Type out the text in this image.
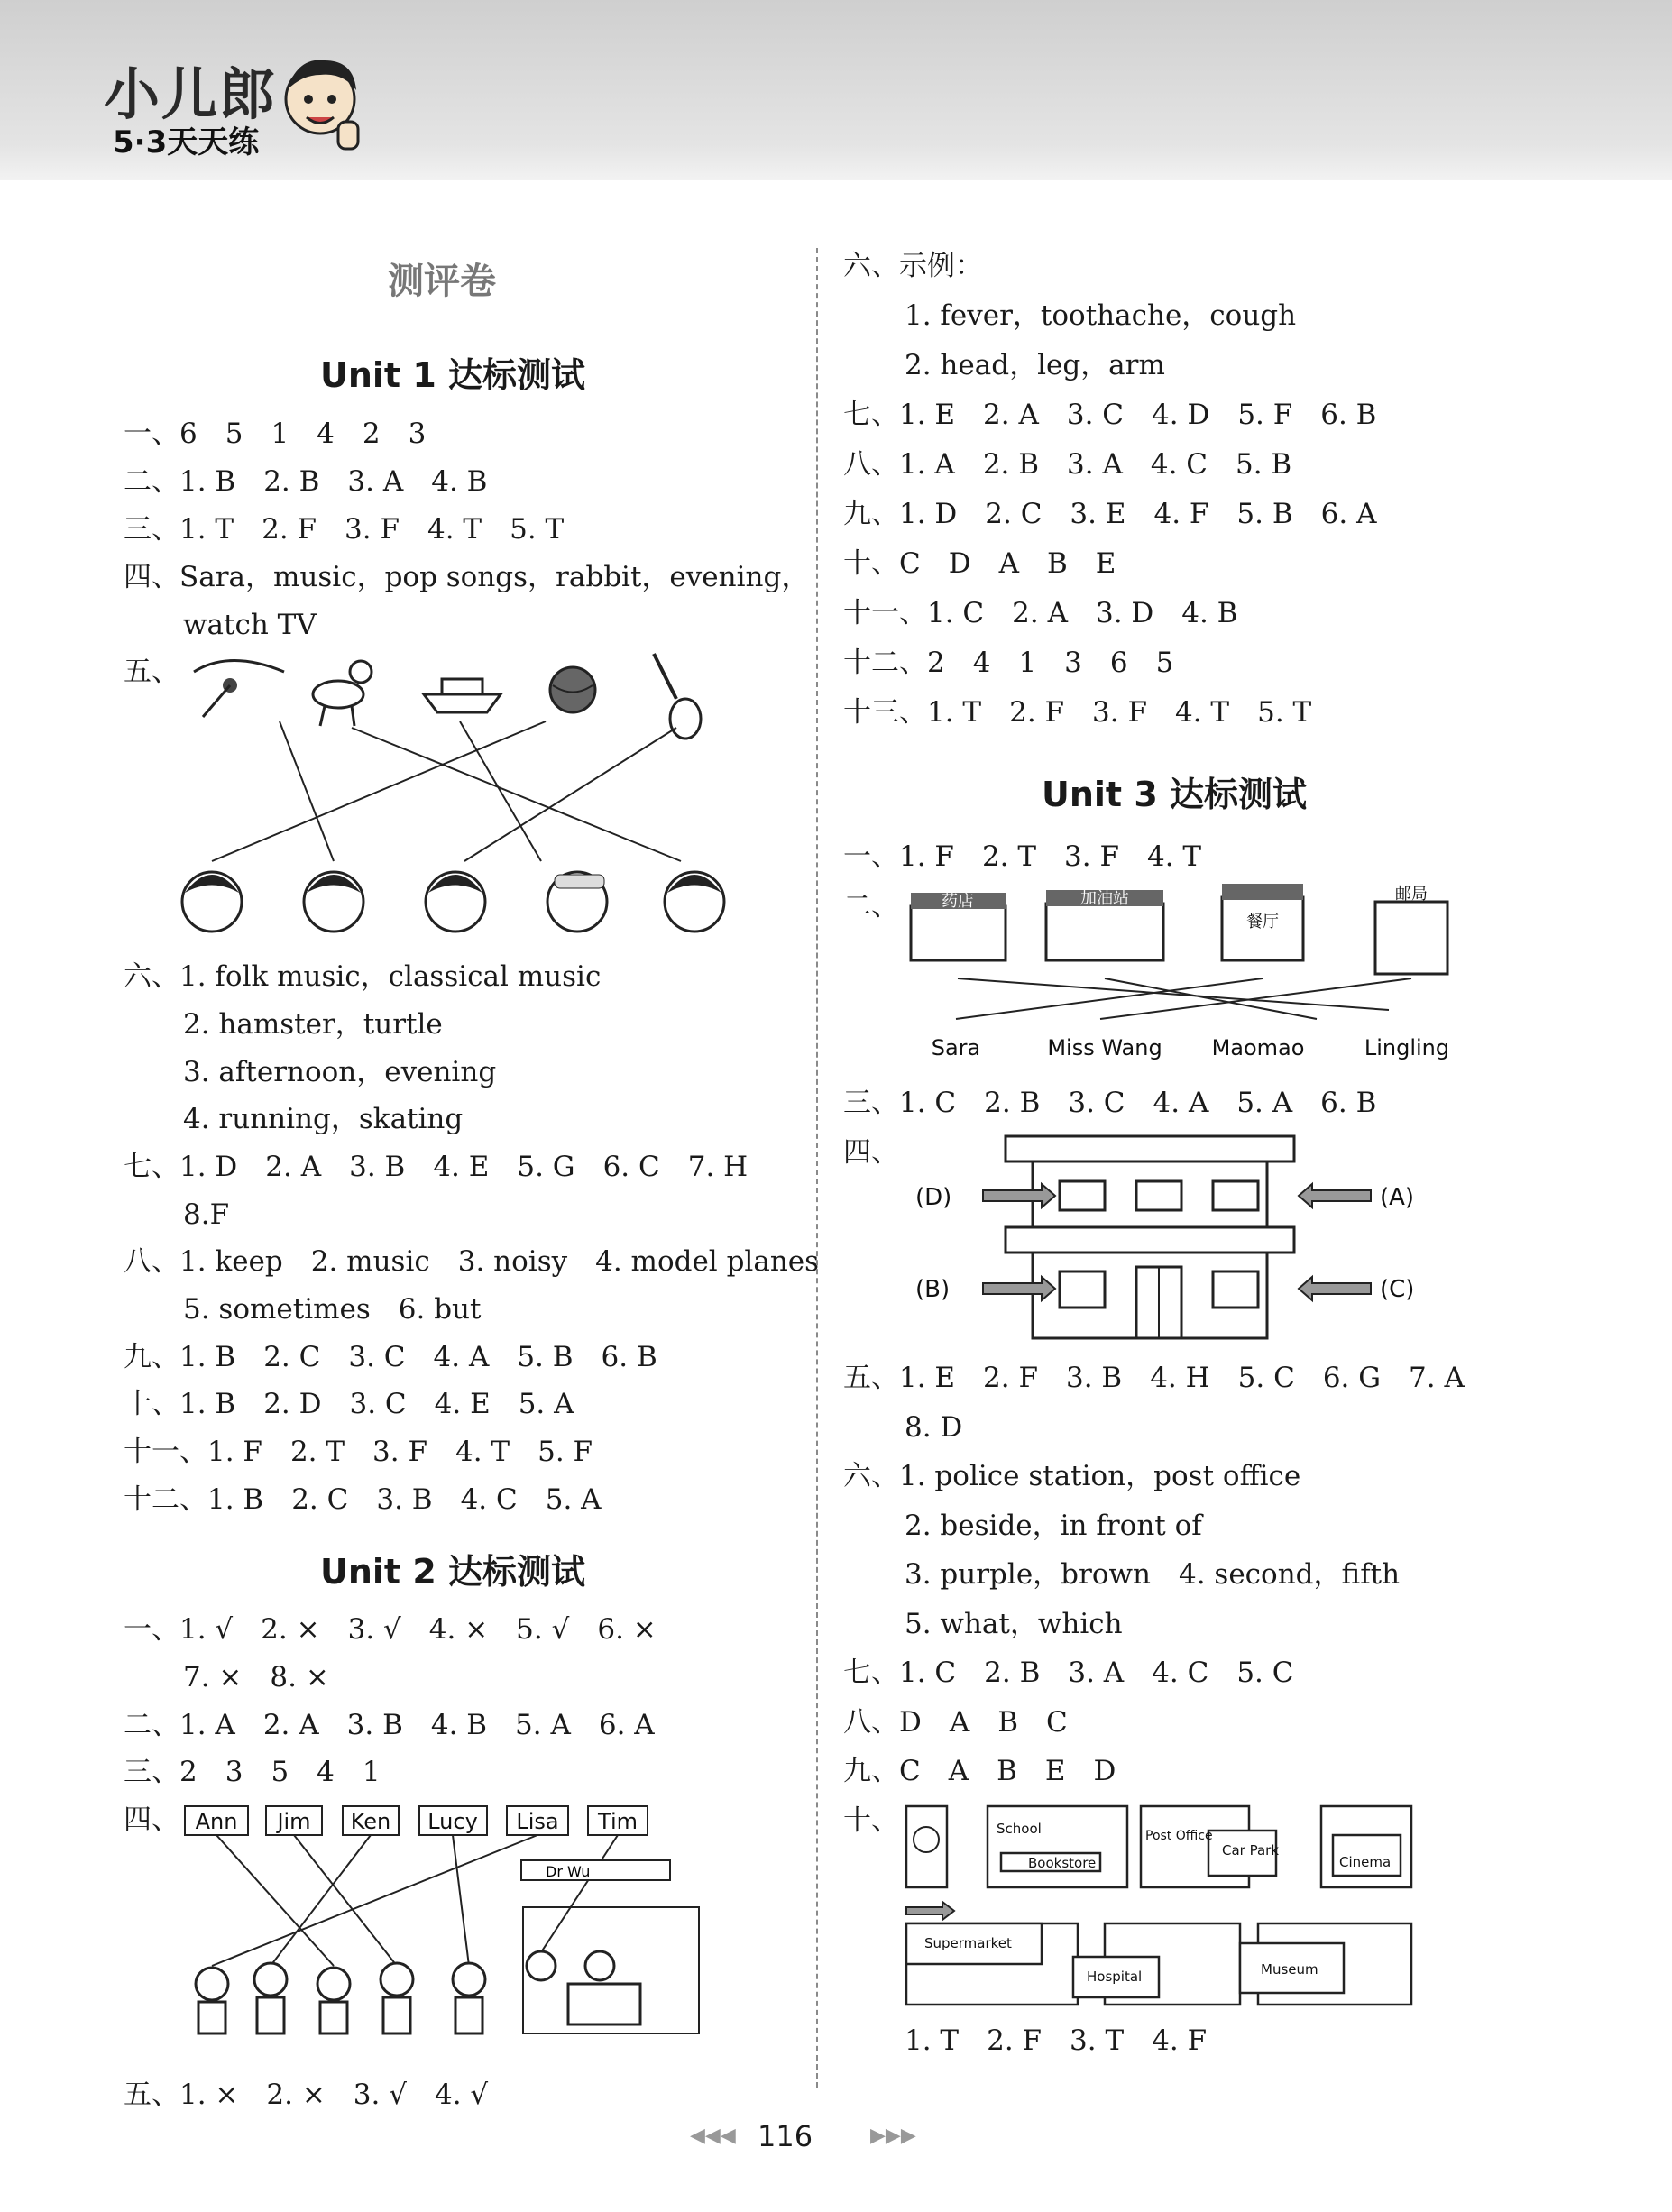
小儿郎
5·3天天练
测评卷
Unit 1 达标测试
一、6　5　1　4　2　3
二、1. B　2. B　3. A　4. B
三、1. T　2. F　3. F　4. T　5. T
四、Sara，music，pop songs，rabbit，evening，
watch TV
五、
六、1. folk music，classical music
2. hamster，turtle
3. afternoon，evening
4. running，skating
七、1. D　2. A　3. B　4. E　5. G　6. C　7. H
8.F
八、1. keep　2. music　3. noisy　4. model planes
5. sometimes　6. but
九、1. B　2. C　3. C　4. A　5. B　6. B
十、1. B　2. D　3. C　4. E　5. A
十一、1. F　2. T　3. F　4. T　5. F
十二、1. B　2. C　3. B　4. C　5. A
Unit 2 达标测试
一、1. √　2. ×　3. √　4. ×　5. √　6. ×
7. ×　8. ×
二、1. A　2. A　3. B　4. B　5. A　6. A
三、2　3　5　4　1
四、 Ann Jim Ken Lucy Lisa Tim
Dr Wu
五、1. ×　2. ×　3. √　4. √
六、示例：
1. fever，toothache，cough
2. head，leg，arm
七、1. E　2. A　3. C　4. D　5. F　6. B
八、1. A　2. B　3. A　4. C　5. B
九、1. D　2. C　3. E　4. F　5. B　6. A
十、C　D　A　B　E
十一、1. C　2. A　3. D　4. B
十二、2　4　1　3　6　5
十三、1. T　2. F　3. F　4. T　5. T
Unit 3 达标测试
一、1. F　2. T　3. F　4. T
二、	药店	加油站
餐厅
邮局
Sara	Miss Wang Maomao	Lingling
三、1. C　2. B　3. C　4. A　5. A　6. B
四、
(D)	(A)
(B)	(C)
五、1. E　2. F　3. B　4. H　5. C　6. G　7. A
8. D
六、1. police station，post office
2. beside，in front of
3. purple，brown　4. second，fifth
5. what，which
七、1. C　2. B　3. A　4. C　5. C
八、D　A　B　C
九、C　A　B　E　D
十、	School
Bookstore
Post Office
Car Park
Cinema
Supermarket
Hospital	Museum
1. T　2. F　3. T　4. F
◀◀◀ 116	▶▶▶
